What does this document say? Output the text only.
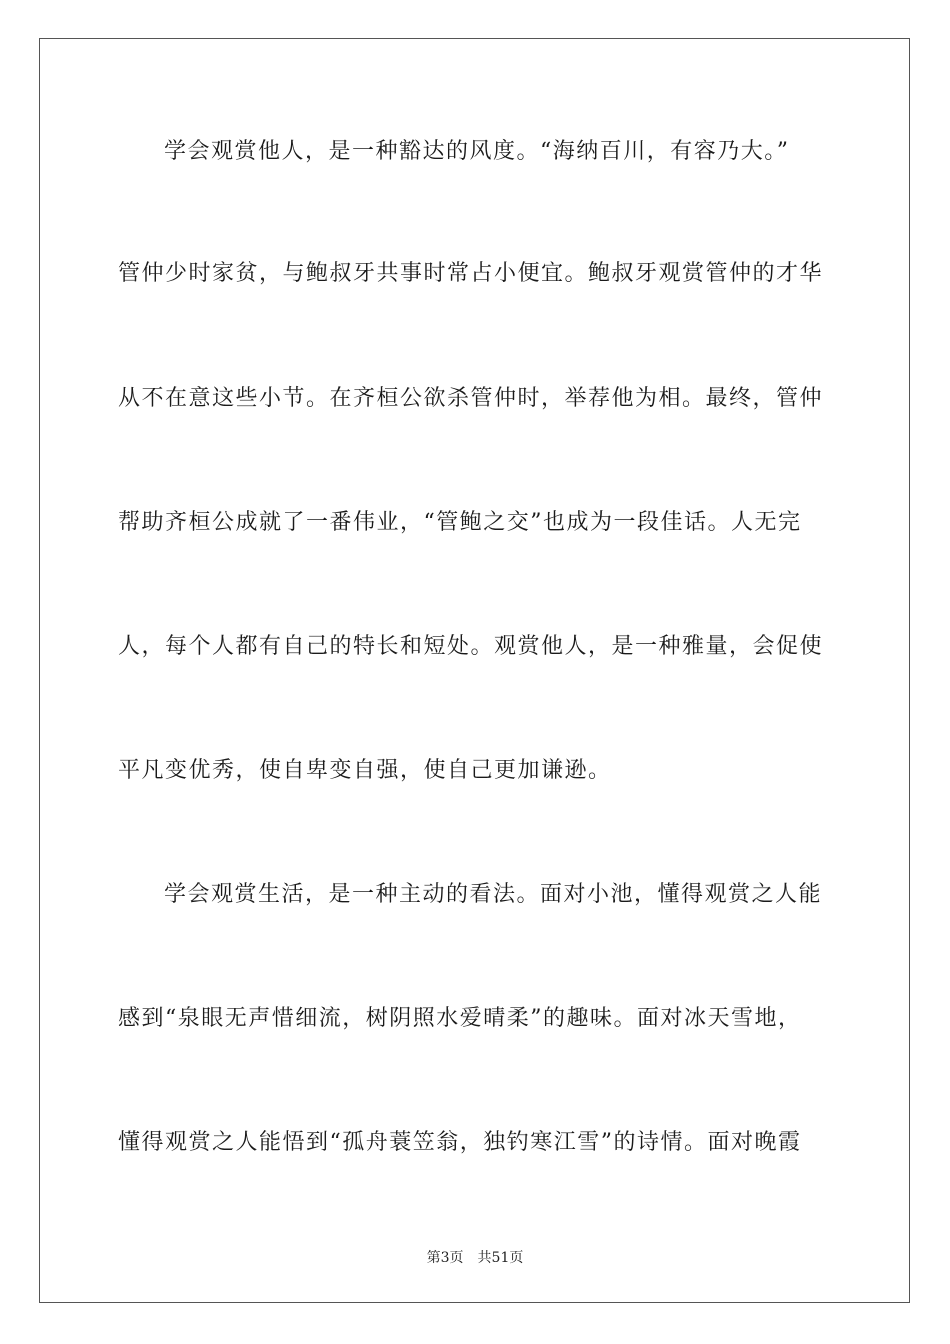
学会观赏他人，是一种豁达的风度。“海纳百川，有容乃大。”
管仲少时家贫，与鲍叔牙共事时常占小便宜。鲍叔牙观赏管仲的才华
从不在意这些小节。在齐桓公欲杀管仲时，举荐他为相。最终，管仲
帮助齐桓公成就了一番伟业，“管鲍之交”也成为一段佳话。人无完
人，每个人都有自己的特长和短处。观赏他人，是一种雅量，会促使
平凡变优秀，使自卑变自强，使自己更加谦逊。
学会观赏生活，是一种主动的看法。面对小池，懂得观赏之人能
感到“泉眼无声惜细流，树阴照水爱晴柔”的趣味。面对冰天雪地，
懂得观赏之人能悟到“孤舟蓑笠翁，独钓寒江雪”的诗情。面对晚霞
第3页 共51页
